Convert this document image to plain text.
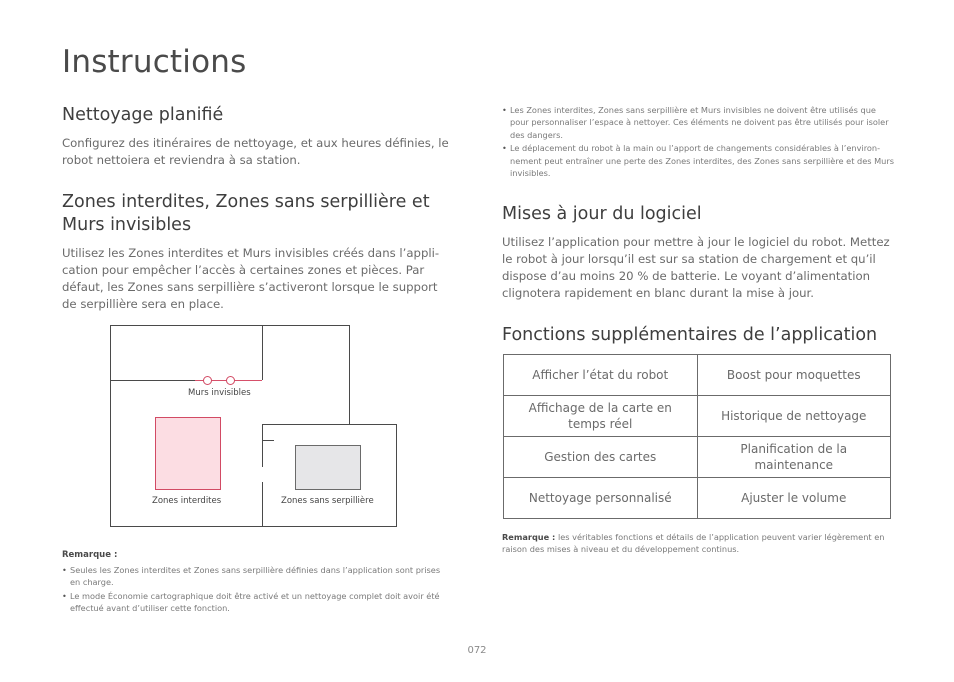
Instructions
Nettoyage planifié

Configurez des itinéraires de nettoyage, et aux heures définies, le robot nettoiera et reviendra à sa station.

Zones interdites, Zones sans serpillière et Murs invisibles

Utilisez les Zones interdites et Murs invisibles créés dans l’application pour empêcher l’accès à certaines zones et pièces. Par défaut, les Zones sans serpillière s’activeront lorsque le support de serpillière sera en place.

Murs invisibles
Zones interdites	Zones sans serpillière

Remarque :

• Seules les Zones interdites et Zones sans serpillière définies dans l’application sont prises en charge.
• Le mode Économie cartographique doit être activé et un nettoyage complet doit avoir été effectué avant d’utiliser cette fonction.
• Les Zones interdites, Zones sans serpillière et Murs invisibles ne doivent être utilisés que pour personnaliser l’espace à nettoyer. Ces éléments ne doivent pas être utilisés pour isoler des dangers.
• Le déplacement du robot à la main ou l’apport de changements considérables à l’environnement peut entraîner une perte des Zones interdites, des Zones sans serpillière et des Murs invisibles.
Mises à jour du logiciel

Utilisez l’application pour mettre à jour le logiciel du robot. Mettez le robot à jour lorsqu’il est sur sa station de chargement et qu’il dispose d’au moins 20 % de batterie. Le voyant d’alimentation clignotera rapidement en blanc durant la mise à jour.

Fonctions supplémentaires de l’application
Afficher l’état du robot	Boost pour moquettes
Affichage de la carte en temps réel	Historique de nettoyage
Gestion des cartes	Planification de la maintenance
Nettoyage personnalisé	Ajuster le volume

Remarque : les véritables fonctions et détails de l’application peuvent varier légèrement en raison des mises à niveau et du développement continus.

072
